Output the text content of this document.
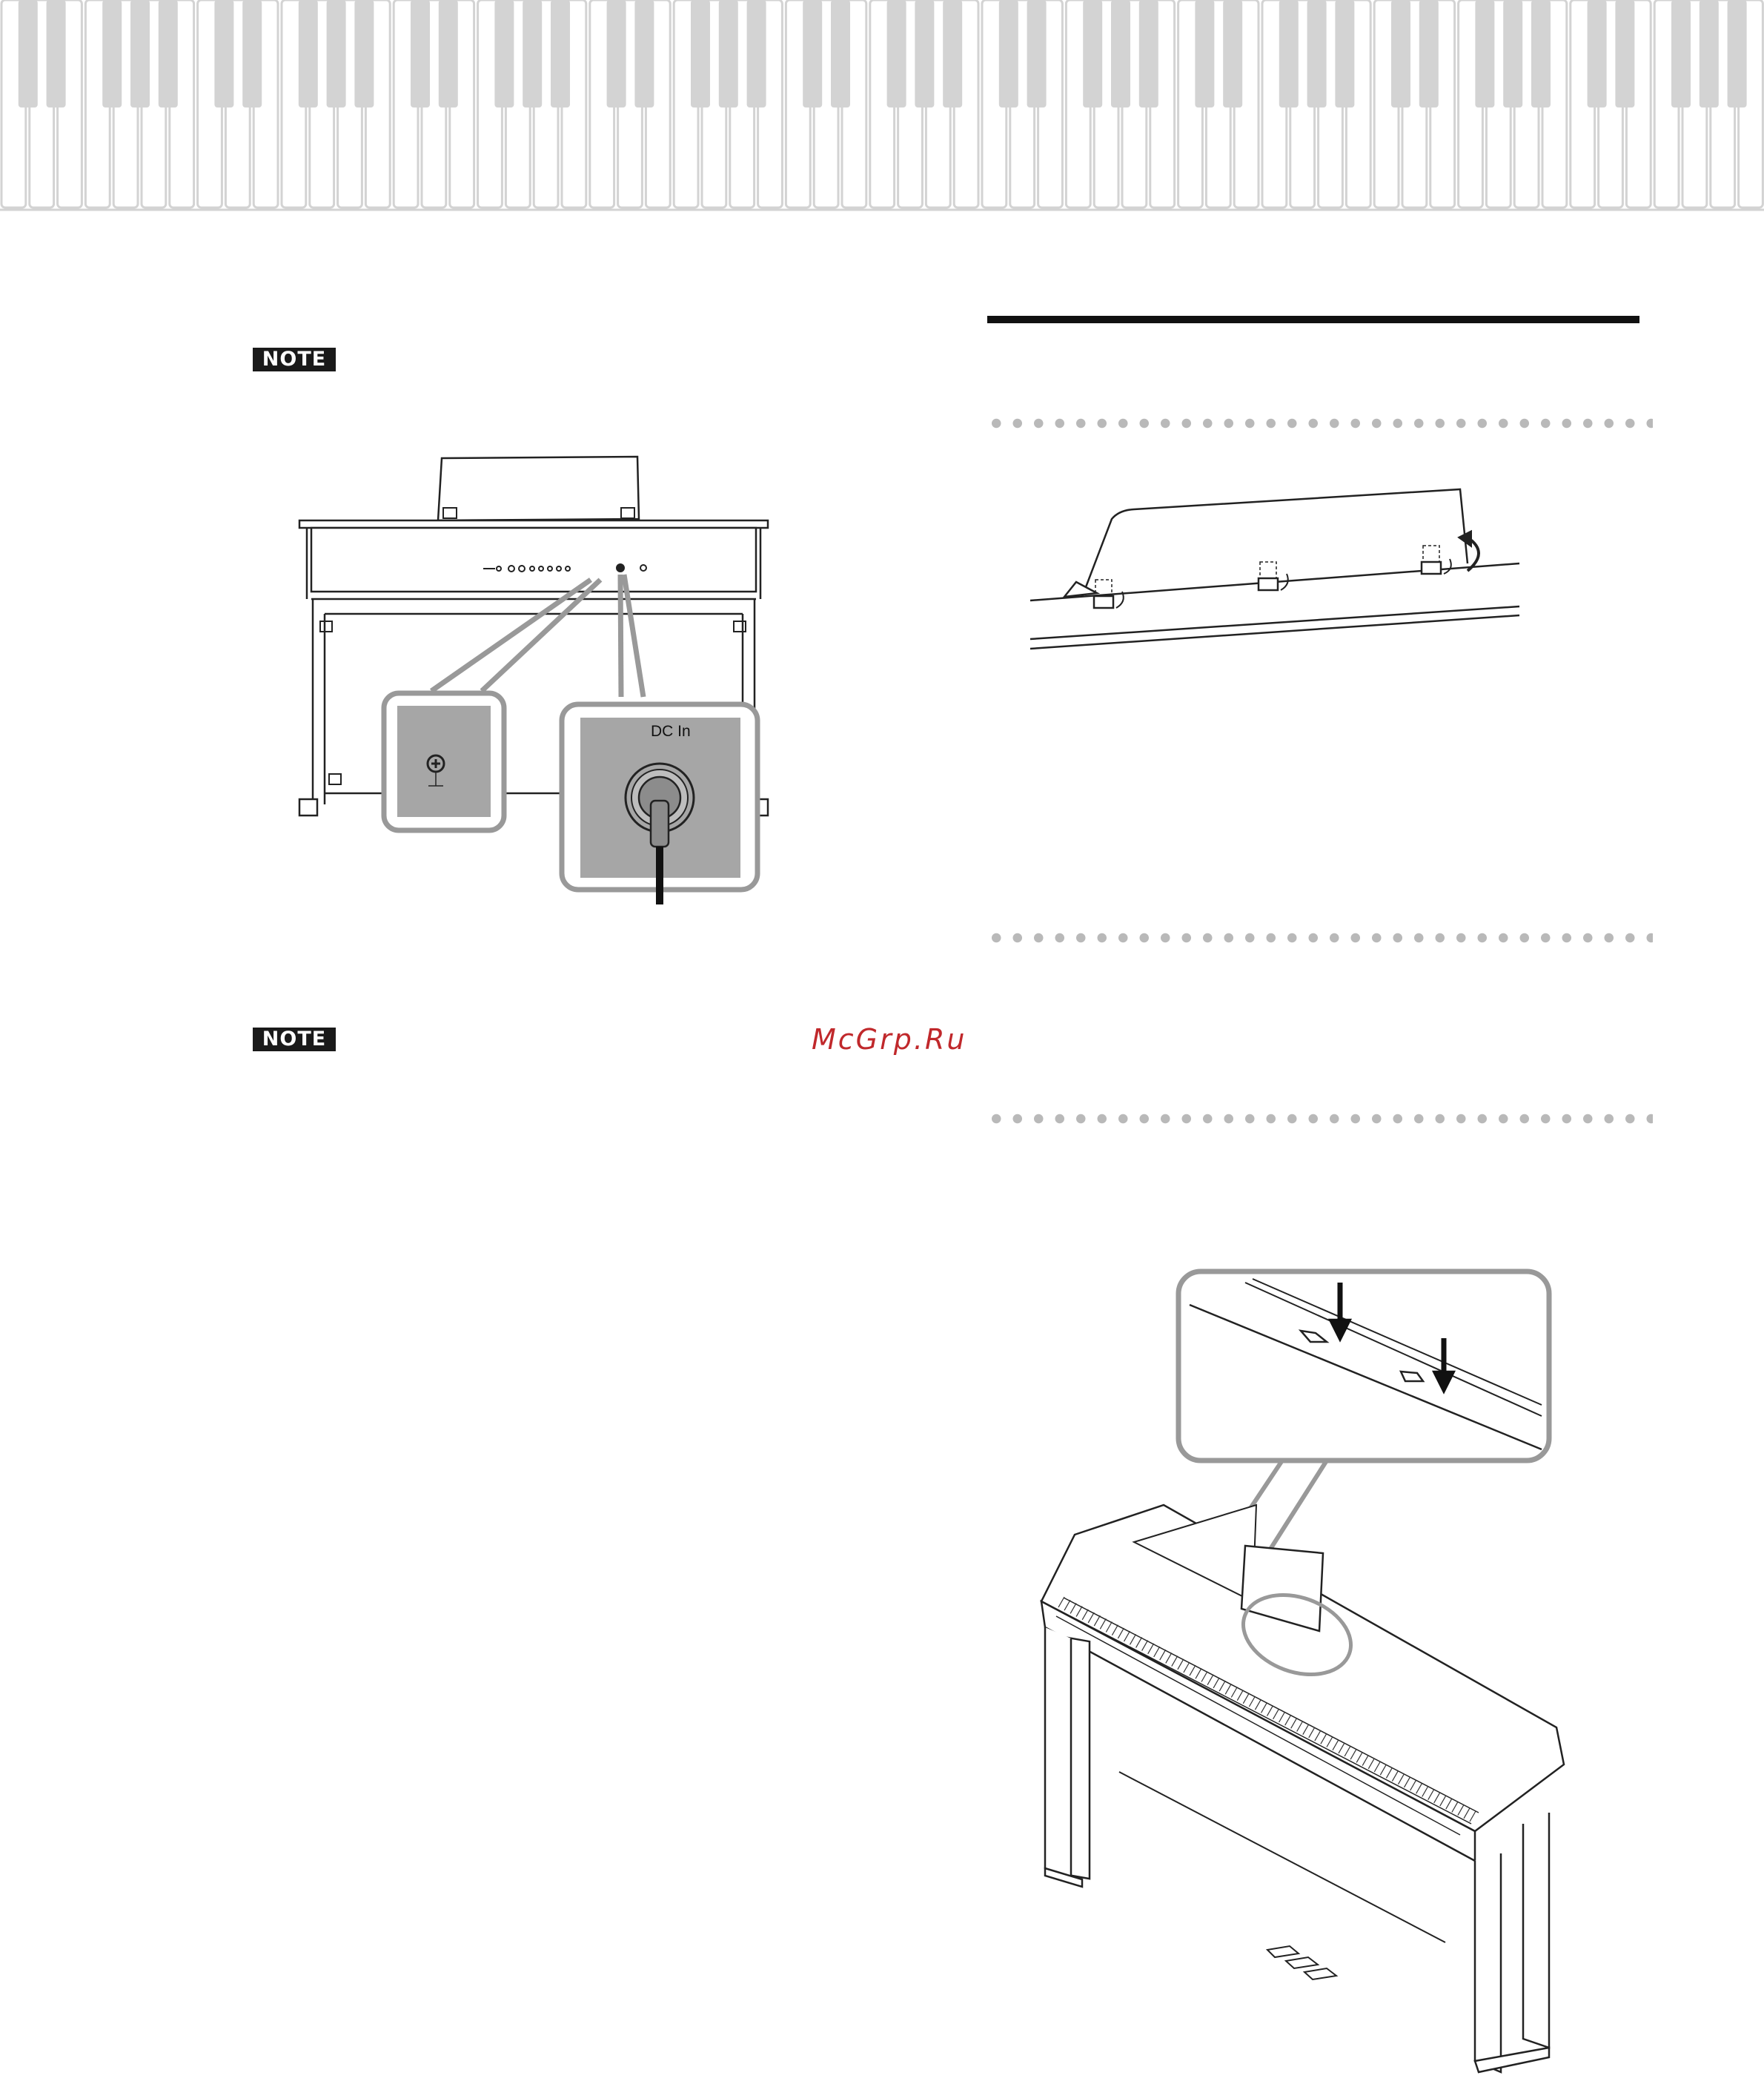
NOTE
NOTE	McGrp.Ru
DC In
